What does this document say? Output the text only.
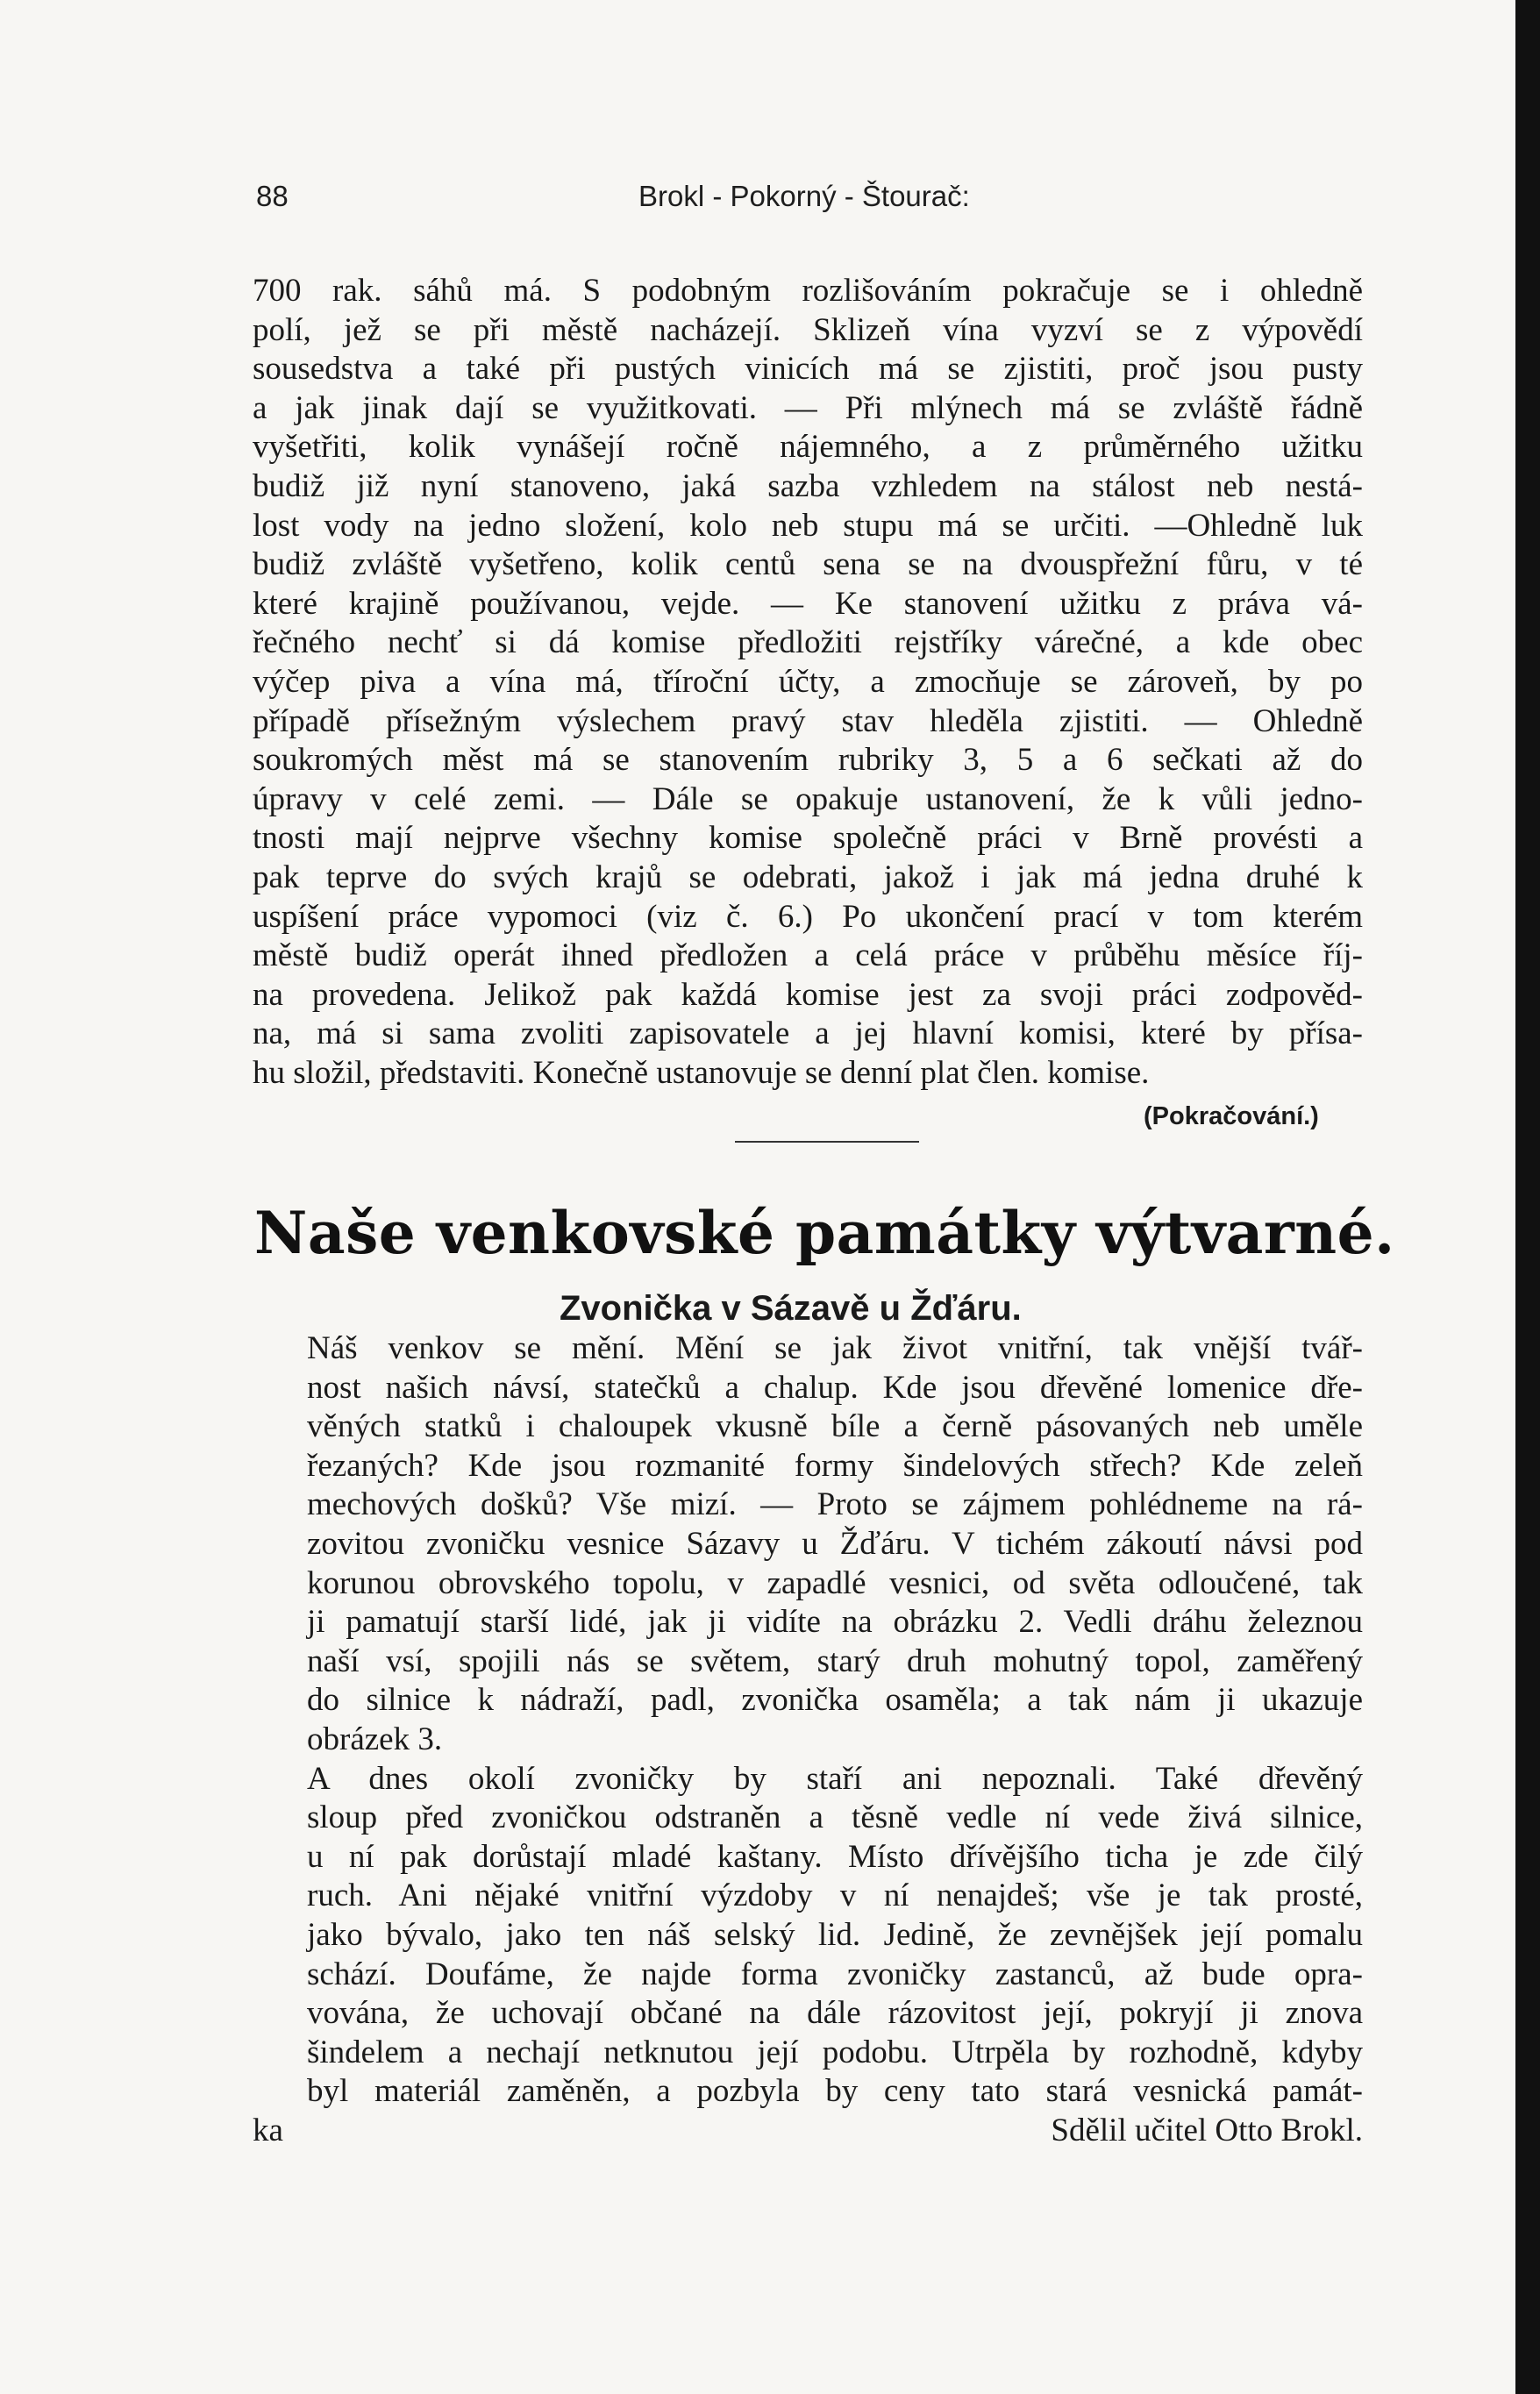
88	Brokl - Pokorný - Štourač:

700 rak. sáhů má. S podobným rozlišováním pokračuje se i ohledně
polí, jež se při městě nacházejí. Sklizeň vína vyzví se z výpovědí
sousedstva a také při pustých vinicích má se zjistiti, proč jsou pusty
a jak jinak dají se využitkovati. — Při mlýnech má se zvláště řádně
vyšetřiti, kolik vynášejí ročně nájemného, a z průměrného užitku
budiž již nyní stanoveno, jaká sazba vzhledem na stálost neb nestá-
lost vody na jedno složení, kolo neb stupu má se určiti. —Ohledně luk
budiž zvláště vyšetřeno, kolik centů sena se na dvouspřežní fůru, v té
které krajině používanou, vejde. — Ke stanovení užitku z práva vá-
řečného nechť si dá komise předložiti rejstříky várečné, a kde obec
výčep piva a vína má, tříroční účty, a zmocňuje se zároveň, by po
případě přísežným výslechem pravý stav hleděla zjistiti. — Ohledně
soukromých měst má se stanovením rubriky 3, 5 a 6 sečkati až do
úpravy v celé zemi. — Dále se opakuje ustanovení, že k vůli jedno-
tnosti mají nejprve všechny komise společně práci v Brně provésti a
pak teprve do svých krajů se odebrati, jakož i jak má jedna druhé k
uspíšení práce vypomoci (viz č. 6.) Po ukončení prací v tom kterém
městě budiž operát ihned předložen a celá práce v průběhu měsíce říj-
na provedena. Jelikož pak každá komise jest za svoji práci zodpověd-
na, má si sama zvoliti zapisovatele a jej hlavní komisi, které by přísa-
hu složil, představiti. Konečně ustanovuje se denní plat člen. komise.

(Pokračování.)
Naše venkovské památky výtvarné.
Zvonička v Sázavě u Žďáru.

Náš venkov se mění. Mění se jak život vnitřní, tak vnější tvář-
nost našich návsí, statečků a chalup. Kde jsou dřevěné lomenice dře-
věných statků i chaloupek vkusně bíle a černě pásovaných neb uměle
řezaných? Kde jsou rozmanité formy šindelových střech? Kde zeleň
mechových došků? Vše mizí. — Proto se zájmem pohlédneme na rá-
zovitou zvoničku vesnice Sázavy u Žďáru. V tichém zákoutí návsi pod
korunou obrovského topolu, v zapadlé vesnici, od světa odloučené, tak
ji pamatují starší lidé, jak ji vidíte na obrázku 2. Vedli dráhu železnou
naší vsí, spojili nás se světem, starý druh mohutný topol, zaměřený
do silnice k nádraží, padl, zvonička osaměla; a tak nám ji ukazuje
obrázek 3.

A dnes okolí zvoničky by staří ani nepoznali. Také dřevěný
sloup před zvoničkou odstraněn a těsně vedle ní vede živá silnice,
u ní pak dorůstají mladé kaštany. Místo dřívějšího ticha je zde čilý
ruch. Ani nějaké vnitřní výzdoby v ní nenajdeš; vše je tak prosté,
jako bývalo, jako ten náš selský lid. Jedině, že zevnějšek její pomalu
schází. Doufáme, že najde forma zvoničky zastanců, až bude opra-
vována, že uchovají občané na dále rázovitost její, pokryjí ji znova
šindelem a nechají netknutou její podobu. Utrpěla by rozhodně, kdyby
byl materiál zaměněn, a pozbyla by ceny tato stará vesnická památ-

ka	Sdělil učitel Otto Brokl.
